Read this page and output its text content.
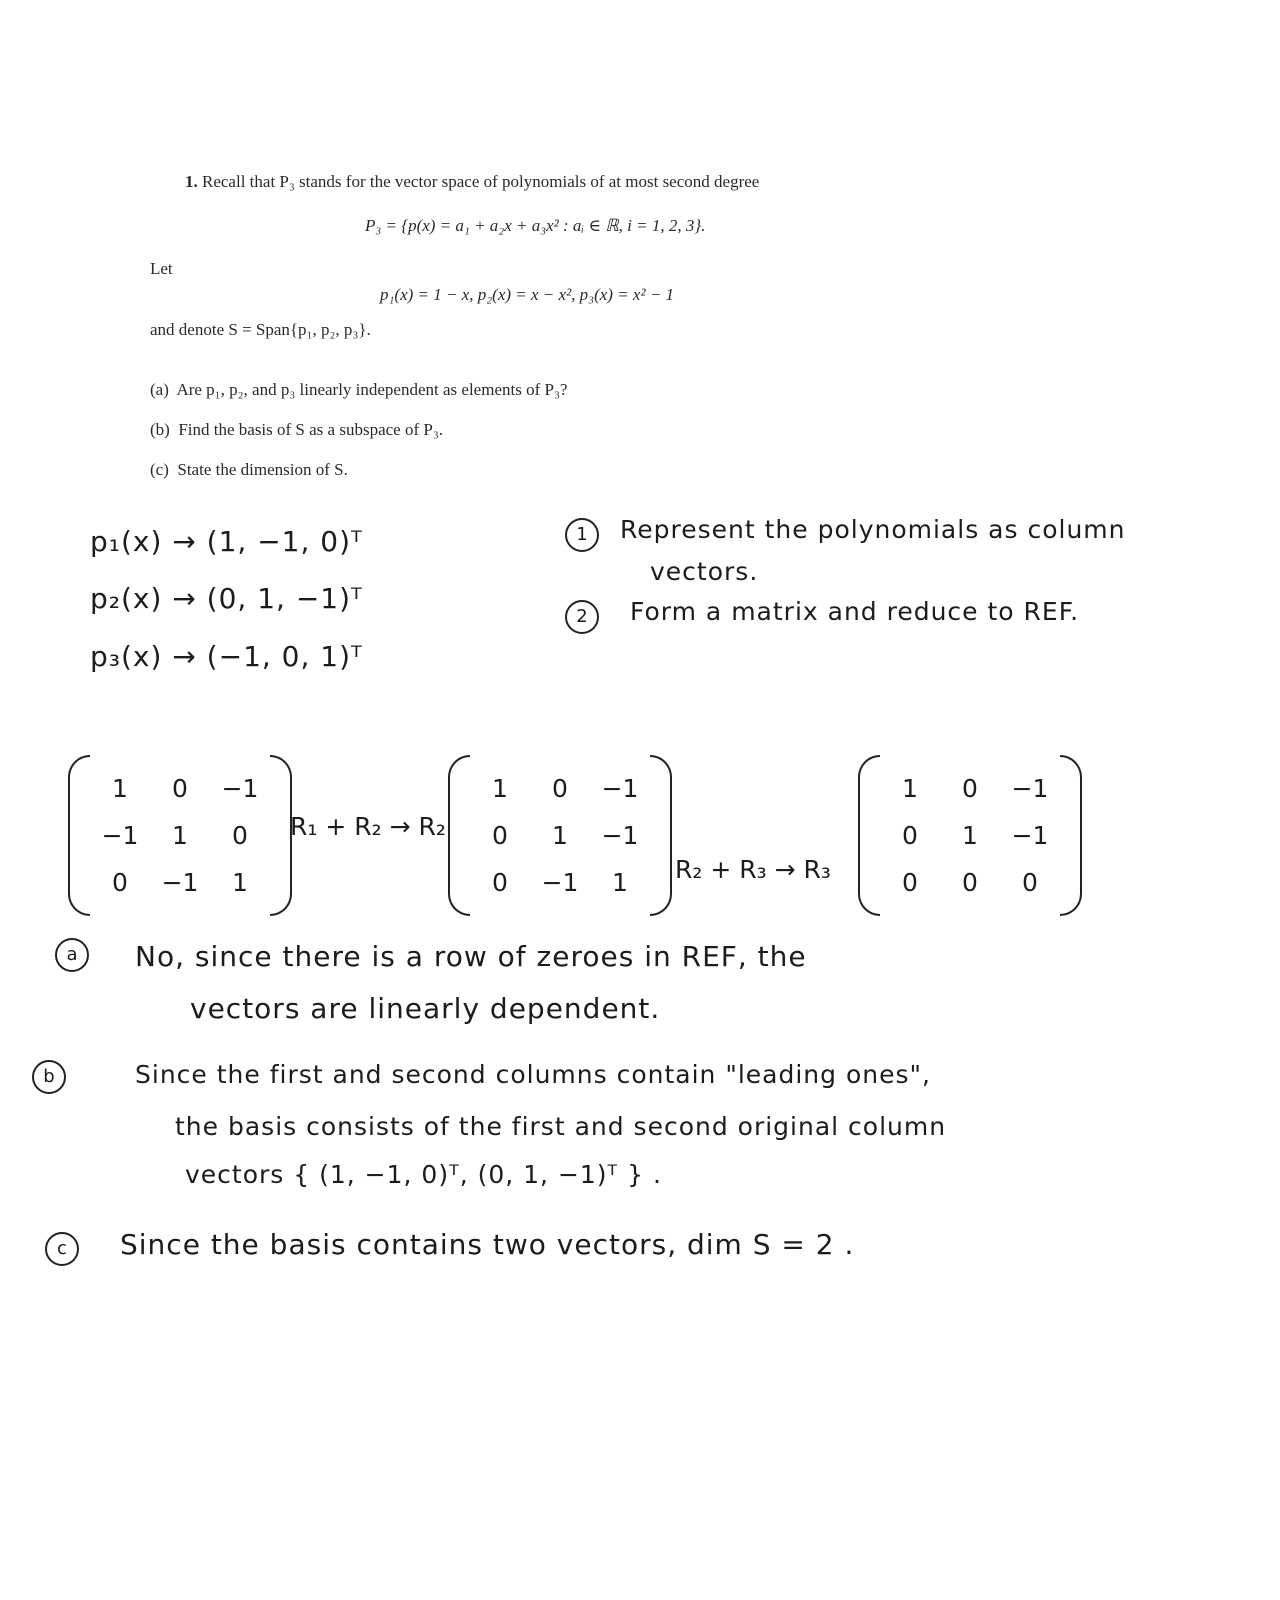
1. Recall that P₃ stands for the vector space of polynomials of at most second degree
P₃ = {p(x) = a₁ + a₂x + a₃x² : aᵢ ∈ ℝ, i = 1, 2, 3}.
Let
p₁(x) = 1 − x, p₂(x) = x − x², p₃(x) = x² − 1
and denote S = Span{p₁, p₂, p₃}.
(a) Are p₁, p₂, and p₃ linearly independent as elements of P₃?
(b) Find the basis of S as a subspace of P₃.
(c) State the dimension of S.
p₁(x) → (1, −1, 0)ᵀ
p₂(x) → (0, 1, −1)ᵀ
p₃(x) → (−1, 0, 1)ᵀ
1	Represent the polynomials as column
vectors.
2	Form a matrix and reduce to REF.
1	0	−1
−1	1	0
0	−1	1
R₁ + R₂ → R₂
1	0	−1
0	1	−1
0	−1	1 R₂ + R₃ → R₃
1	0	−1
0	1	−1
0	0	0
a	No, since there is a row of zeroes in REF, the
vectors are linearly dependent.
b	Since the first and second columns contain "leading ones",
the basis consists of the first and second original column
vectors { (1, −1, 0)ᵀ, (0, 1, −1)ᵀ } .
c	Since the basis contains two vectors, dim S = 2 .
